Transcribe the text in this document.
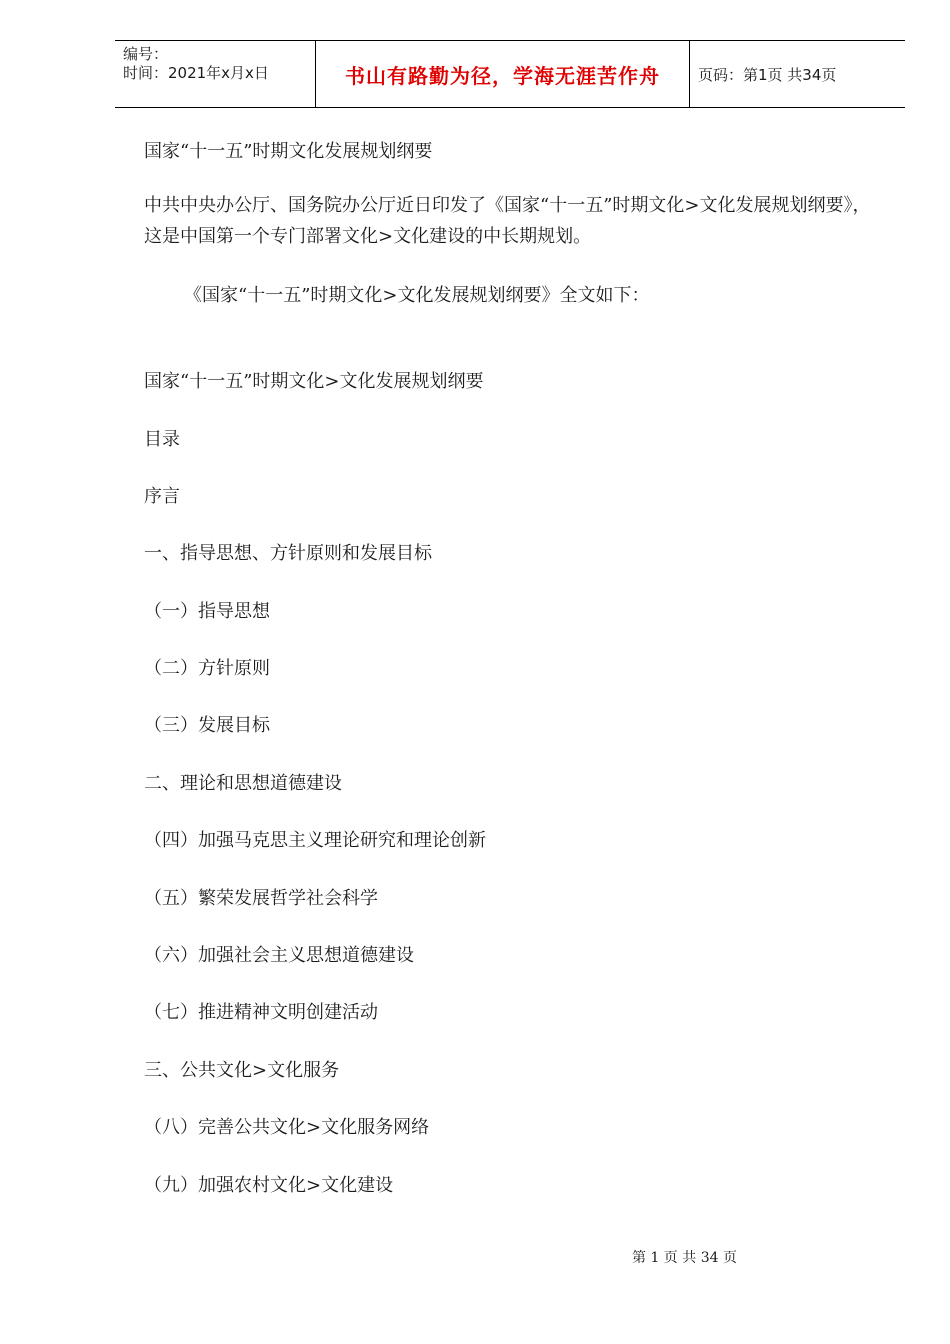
编号：
时间：2021年x月x日	书山有路勤为径，学海无涯苦作舟	页码：第1页 共34页
国家“十一五”时期文化发展规划纲要
中共中央办公厅、国务院办公厅近日印发了《国家“十一五”时期文化>文化发展规划纲要》，这是中国第一个专门部署文化>文化建设的中长期规划。
《国家“十一五”时期文化>文化发展规划纲要》全文如下：
国家“十一五”时期文化>文化发展规划纲要
目录
序言
一、指导思想、方针原则和发展目标
（一）指导思想
（二）方针原则
（三）发展目标
二、理论和思想道德建设
（四）加强马克思主义理论研究和理论创新
（五）繁荣发展哲学社会科学
（六）加强社会主义思想道德建设
（七）推进精神文明创建活动
三、公共文化>文化服务
（八）完善公共文化>文化服务网络
（九）加强农村文化>文化建设
第 1 页 共 34 页
